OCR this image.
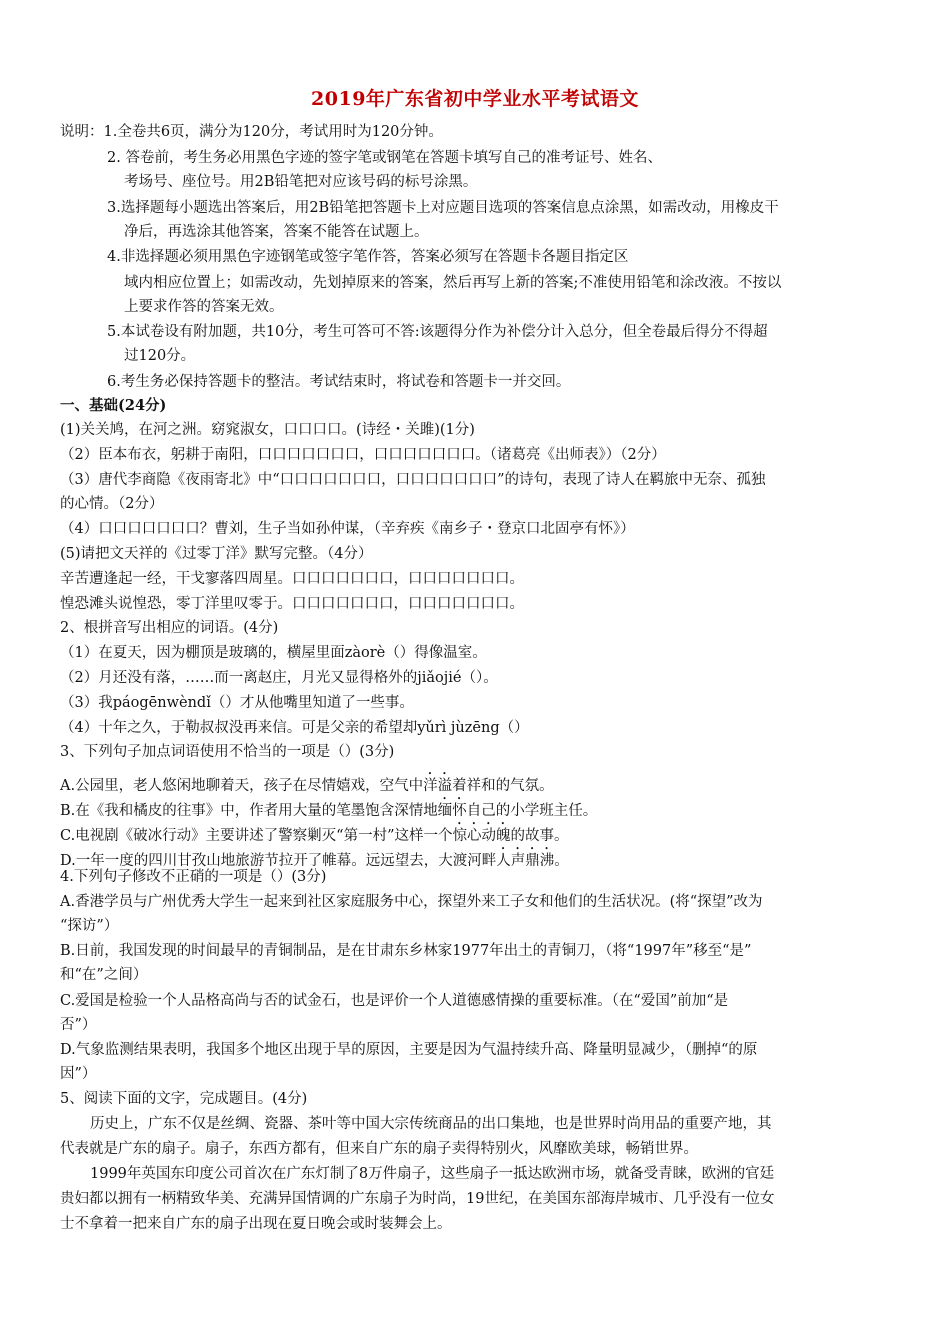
2019年广东省初中学业水平考试语文
说明：1.全卷共6页，满分为120分，考试用时为120分钟。
2. 答卷前，考生务必用黑色字迹的签字笔或钢笔在答题卡填写自己的准考证号、姓名、
考场号、座位号。用2B铅笔把对应该号码的标号涂黑。
3.选择题每小题选出答案后，用2B铅笔把答题卡上对应题目选项的答案信息点涂黑，如需改动，用橡皮干
净后，再选涂其他答案，答案不能答在试题上。
4.非选择题必须用黑色字迹钢笔或签字笔作答，答案必须写在答题卡各题目指定区
域内相应位置上；如需改动，先划掉原来的答案，然后再写上新的答案;不准使用铅笔和涂改液。不按以
上要求作答的答案无效。
5.本试卷设有附加题，共10分，考生可答可不答:该题得分作为补偿分计入总分，但全卷最后得分不得超
过120分。
6.考生务必保持答题卡的整洁。考试结束时，将试卷和答题卡一并交回。
一、基础(24分)
(1)关关鸠，在河之洲。窈窕淑女，口口口口。(诗经・关雎)(1分)
（2）臣本布衣，躬耕于南阳，口口口口口口口，口口口口口口口。（诸葛亮《出师表》）（2分）
（3）唐代李商隐《夜雨寄北》中“口口口口口口口，口口口口口口口”的诗句，表现了诗人在羁旅中无奈、孤独
的心情。（2分）
（4）口口口口口口口？曹刘，生子当如孙仲谋，（辛弃疾《南乡子・登京口北固亭有怀》）
(5)请把文天祥的《过零丁洋》默写完整。（4分）
辛苦遭逢起一经，干戈寥落四周星。口口口口口口口，口口口口口口口。
惶恐滩头说惶恐，零丁洋里叹零于。口口口口口口口，口口口口口口口。
2、根拼音写出相应的词语。(4分)
（1）在夏天，因为棚顶是玻璃的，横屋里面zàorè（）得像温室。
（2）月还没有落，……而一离赵庄，月光又显得格外的jiǎojié（）。
（3）我páogēnwèndǐ（）才从他嘴里知道了一些事。
（4）十年之久，于勒叔叔没再来信。可是父亲的希望却yǔrì jùzēng（）
3、下列句子加点词语使用不恰当的一项是（）(3分)
A.公园里，老人悠闲地聊着天，孩子在尽情嬉戏，空气中洋溢着祥和的气氛。
B.在《我和橘皮的往事》中，作者用大量的笔墨饱含深情地缅怀自己的小学班主任。
C.电视剧《破冰行动》主要讲述了警察剿灭“第一村”这样一个惊心动魄的故事。
D.一年一度的四川甘孜山地旅游节拉开了帷幕。远远望去，大渡河畔人声鼎沸。
4.下列句子修改不正硝的一项是（）(3分)
A.香港学员与广州优秀大学生一起来到社区家庭服务中心，探望外来工子女和他们的生活状况。(将“探望”改为
“探访”）
B.日前，我国发现的时间最早的青铜制品，是在甘肃东乡林家1977年出土的青铜刀，（将“1997年”移至“是”
和“在”之间）
C.爱国是检验一个人品格高尚与否的试金石，也是评价一个人道德感情操的重要标准。（在“爱国”前加“是
否”）
D.气象监测结果表明，我国多个地区出现于旱的原因，主要是因为气温持续升高、降量明显减少，（删掉“的原
因”）
5、阅读下面的文字，完成题目。(4分)
历史上，广东不仅是丝绸、瓷器、茶叶等中国大宗传统商品的出口集地，也是世界时尚用品的重要产地，其
代表就是广东的扇子。扇子，东西方都有，但来自广东的扇子卖得特别火，风靡欧美球，畅销世界。
1999年英国东印度公司首次在广东灯制了8万件扇子，这些扇子一抵达欧洲市场，就备受青睐，欧洲的官廷
贵妇都以拥有一柄精致华美、充满异国情调的广东扇子为时尚，19世纪，在美国东部海岸城市、几乎没有一位女
士不拿着一把来自广东的扇子出现在夏日晚会或时装舞会上。
